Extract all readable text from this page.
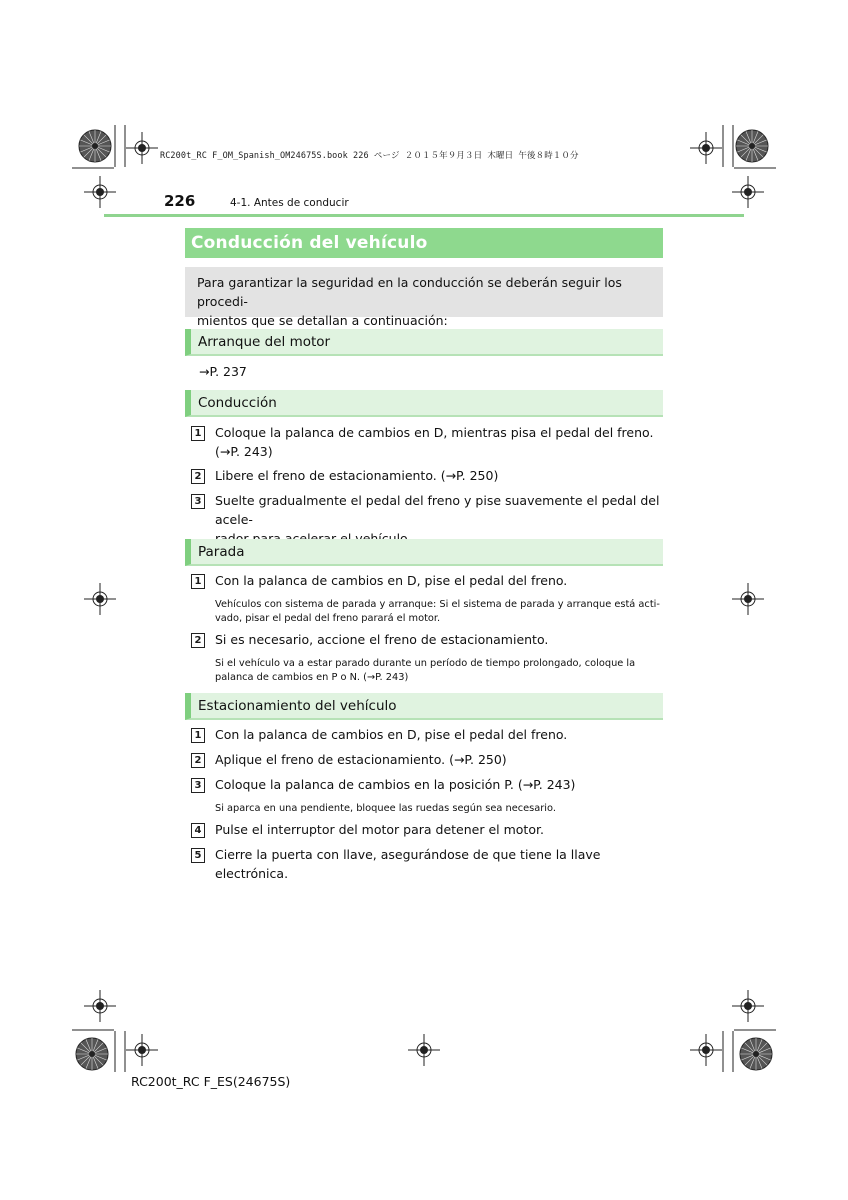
RC200t_RC F_OM_Spanish_OM24675S.book 226 ページ ２０１５年９月３日 木曜日 午後８時１０分
226	4-1. Antes de conducir
Conducción del vehículo
Para garantizar la seguridad en la conducción se deberán seguir los procedi-
mientos que se detallan a continuación:
Arranque del motor
→P. 237
Conducción
1 Coloque la palanca de cambios en D, mientras pisa el pedal del freno.
(→P. 243)
2 Libere el freno de estacionamiento. (→P. 250)
3 Suelte gradualmente el pedal del freno y pise suavemente el pedal del acele-
Parada
1 Con la palanca de cambios en D, pise el pedal del freno.
Vehículos con sistema de parada y arranque: Si el sistema de parada y arranque está acti-
vado, pisar el pedal del freno parará el motor.
2 Si es necesario, accione el freno de estacionamiento.
Si el vehículo va a estar parado durante un período de tiempo prolongado, coloque la
palanca de cambios en P o N. (→P. 243)
Estacionamiento del vehículo
1 Con la palanca de cambios en D, pise el pedal del freno.
2 Aplique el freno de estacionamiento. (→P. 250)
3 Coloque la palanca de cambios en la posición P. (→P. 243)
Si aparca en una pendiente, bloquee las ruedas según sea necesario.
4 Pulse el interruptor del motor para detener el motor.
5 Cierre la puerta con llave, asegurándose de que tiene la llave electrónica.
RC200t_RC F_ES(24675S)
